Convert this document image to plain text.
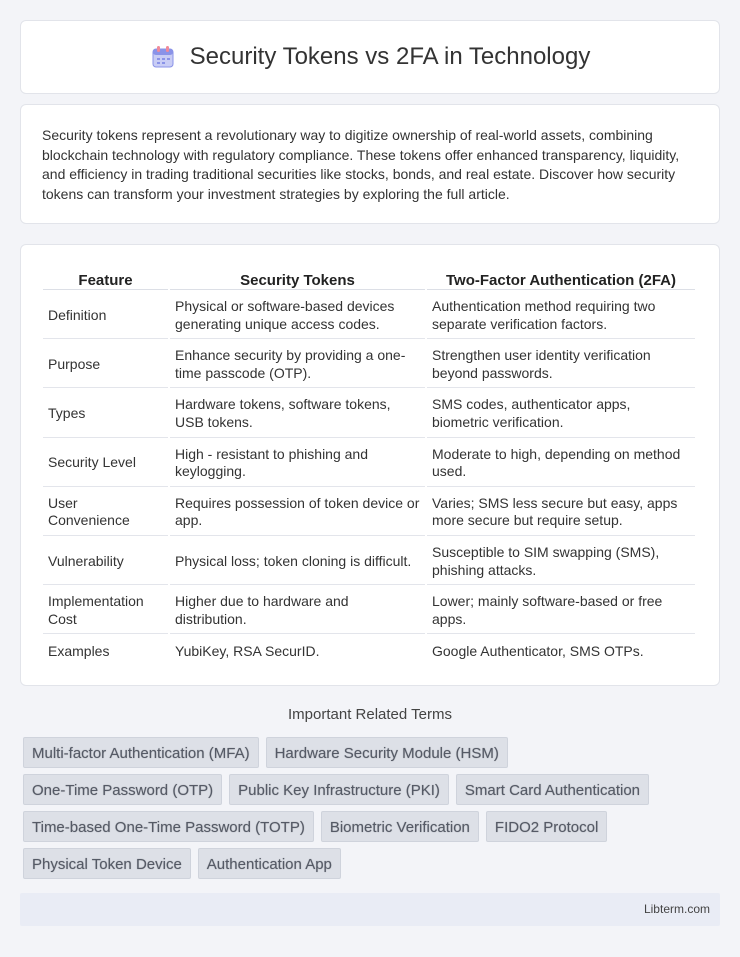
Security Tokens vs 2FA in Technology

Security tokens represent a revolutionary way to digitize ownership of real-world assets, combining blockchain technology with regulatory compliance. These tokens offer enhanced transparency, liquidity, and efficiency in trading traditional securities like stocks, bonds, and real estate. Discover how security tokens can transform your investment strategies by exploring the full article.

Feature	Security Tokens	Two-Factor Authentication (2FA)
Definition	Physical or software-based devices generating unique access codes.	Authentication method requiring two separate verification factors.
Purpose	Enhance security by providing a one-time passcode (OTP).	Strengthen user identity verification beyond passwords.
Types	Hardware tokens, software tokens, USB tokens.	SMS codes, authenticator apps, biometric verification.
Security Level	High - resistant to phishing and keylogging.	Moderate to high, depending on method used.
User Convenience	Requires possession of token device or app.	Varies; SMS less secure but easy, apps more secure but require setup.
Vulnerability	Physical loss; token cloning is difficult.	Susceptible to SIM swapping (SMS), phishing attacks.
Implementation Cost	Higher due to hardware and distribution.	Lower; mainly software-based or free apps.
Examples	YubiKey, RSA SecurID.	Google Authenticator, SMS OTPs.
Important Related Terms
Multi-factor Authentication (MFA)	Hardware Security Module (HSM)
One-Time Password (OTP)	Public Key Infrastructure (PKI)	Smart Card Authentication
Time-based One-Time Password (TOTP)	Biometric Verification	FIDO2 Protocol
Physical Token Device	Authentication App
Libterm.com
